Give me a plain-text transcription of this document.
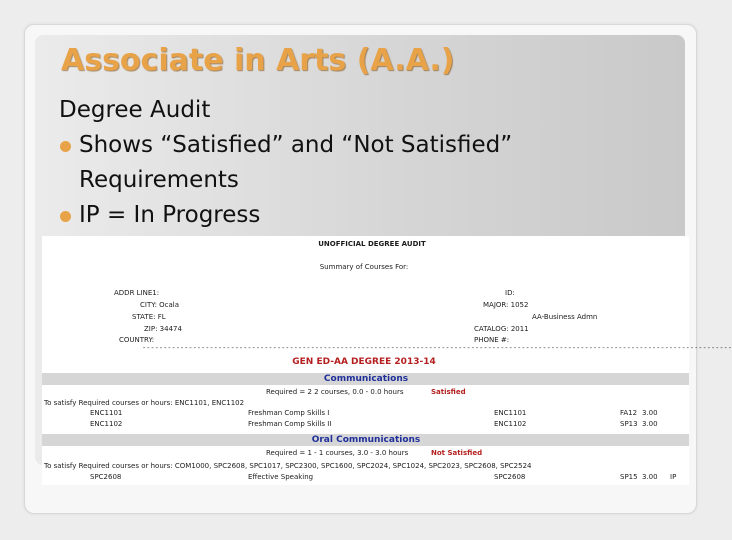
Associate in Arts (A.A.)
Degree Audit
Shows “Satisfied” and “Not Satisfied”
Requirements
IP = In Progress
UNOFFICIAL DEGREE AUDIT
Summary of Courses For:
ADDR LINE1:
CITY: Ocala
STATE: FL
ZIP: 34474
COUNTRY:
ID:
MAJOR: 1052
AA-Business Admn
CATALOG: 2011
PHONE #:
--------------------------------------------------------------------------------------------------------------------------------------------
GEN ED-AA DEGREE 2013-14
Communications
Required = 2 2 courses, 0.0 - 0.0 hours	Satisfied
To satisfy Required courses or hours: ENC1101, ENC1102
ENC1101	Freshman Comp Skills I	ENC1101	FA12 3.00
ENC1102	Freshman Comp Skills II	ENC1102	SP13 3.00
Oral Communications
Required = 1 - 1 courses, 3.0 - 3.0 hours	Not Satisfied
To satisfy Required courses or hours: COM1000, SPC2608, SPC1017, SPC2300, SPC1600, SPC2024, SPC1024, SPC2023, SPC2608, SPC2524
SPC2608	Effective Speaking	SPC2608	SP15 3.00 IP
